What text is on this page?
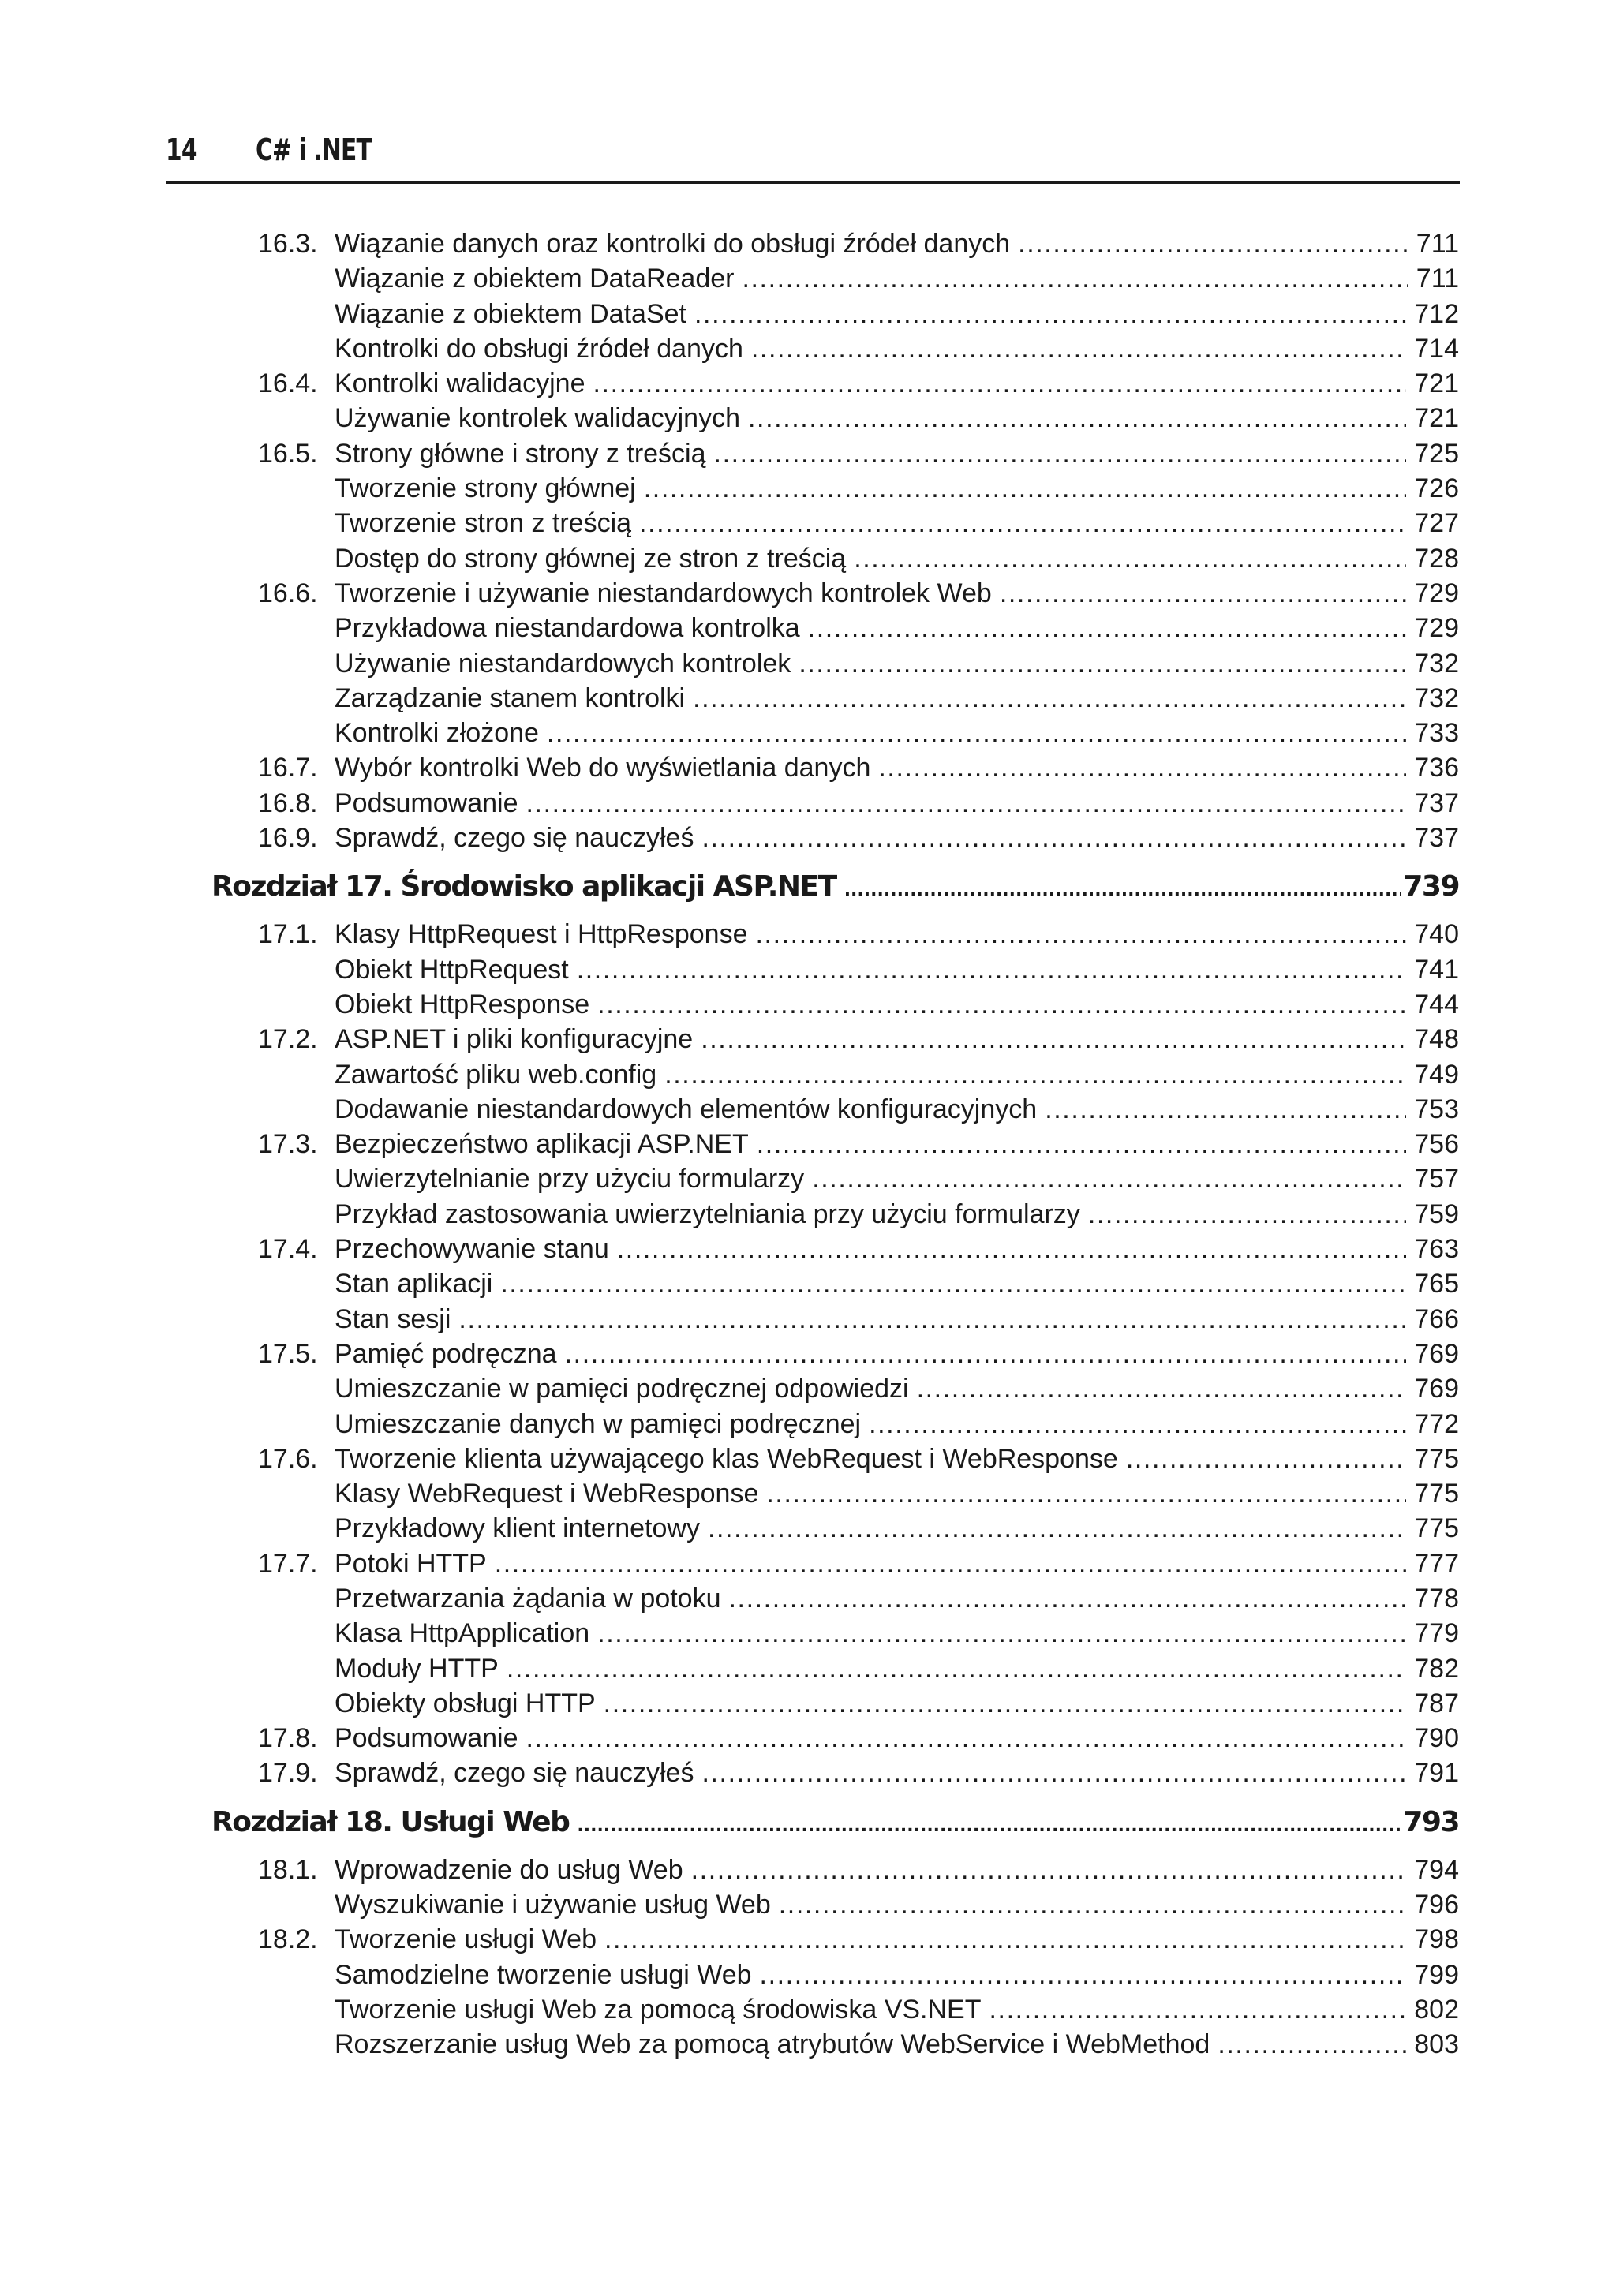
14 C# i .NET
16.3. Wiązanie danych oraz kontrolki do obsługi źródeł danych .....	711
Wiązanie z obiektem DataReader .....	711
Wiązanie z obiektem DataSet .....	712
Kontrolki do obsługi źródeł danych .....	714
16.4. Kontrolki walidacyjne .....	721
Używanie kontrolek walidacyjnych .....	721
16.5. Strony główne i strony z treścią .....	725
Tworzenie strony głównej .....	726
Tworzenie stron z treścią .....	727
Dostęp do strony głównej ze stron z treścią .....	728
16.6. Tworzenie i używanie niestandardowych kontrolek Web .....	729
Przykładowa niestandardowa kontrolka .....	729
Używanie niestandardowych kontrolek .....	732
Zarządzanie stanem kontrolki .....	732
Kontrolki złożone .....	733
16.7. Wybór kontrolki Web do wyświetlania danych .....	736
16.8. Podsumowanie .....	737
16.9. Sprawdź, czego się nauczyłeś .....	737
Rozdział 17. Środowisko aplikacji ASP.NET .....	739
17.1. Klasy HttpRequest i HttpResponse .....	740
Obiekt HttpRequest .....	741
Obiekt HttpResponse .....	744
17.2. ASP.NET i pliki konfiguracyjne .....	748
Zawartość pliku web.config .....	749
Dodawanie niestandardowych elementów konfiguracyjnych .....	753
17.3. Bezpieczeństwo aplikacji ASP.NET .....	756
Uwierzytelnianie przy użyciu formularzy .....	757
Przykład zastosowania uwierzytelniania przy użyciu formularzy .....	759
17.4. Przechowywanie stanu .....	763
Stan aplikacji .....	765
Stan sesji .....	766
17.5. Pamięć podręczna .....	769
Umieszczanie w pamięci podręcznej odpowiedzi .....	769
Umieszczanie danych w pamięci podręcznej .....	772
17.6. Tworzenie klienta używającego klas WebRequest i WebResponse .....	775
Klasy WebRequest i WebResponse .....	775
Przykładowy klient internetowy .....	775
17.7. Potoki HTTP .....	777
Przetwarzania żądania w potoku .....	778
Klasa HttpApplication .....	779
Moduły HTTP .....	782
Obiekty obsługi HTTP .....	787
17.8. Podsumowanie .....	790
17.9. Sprawdź, czego się nauczyłeś .....	791
Rozdział 18. Usługi Web .....	793
18.1. Wprowadzenie do usług Web .....	794
Wyszukiwanie i używanie usług Web .....	796
18.2. Tworzenie usługi Web .....	798
Samodzielne tworzenie usługi Web .....	799
Tworzenie usługi Web za pomocą środowiska VS.NET .....	802
Rozszerzanie usług Web za pomocą atrybutów WebService i WebMethod .....	803
